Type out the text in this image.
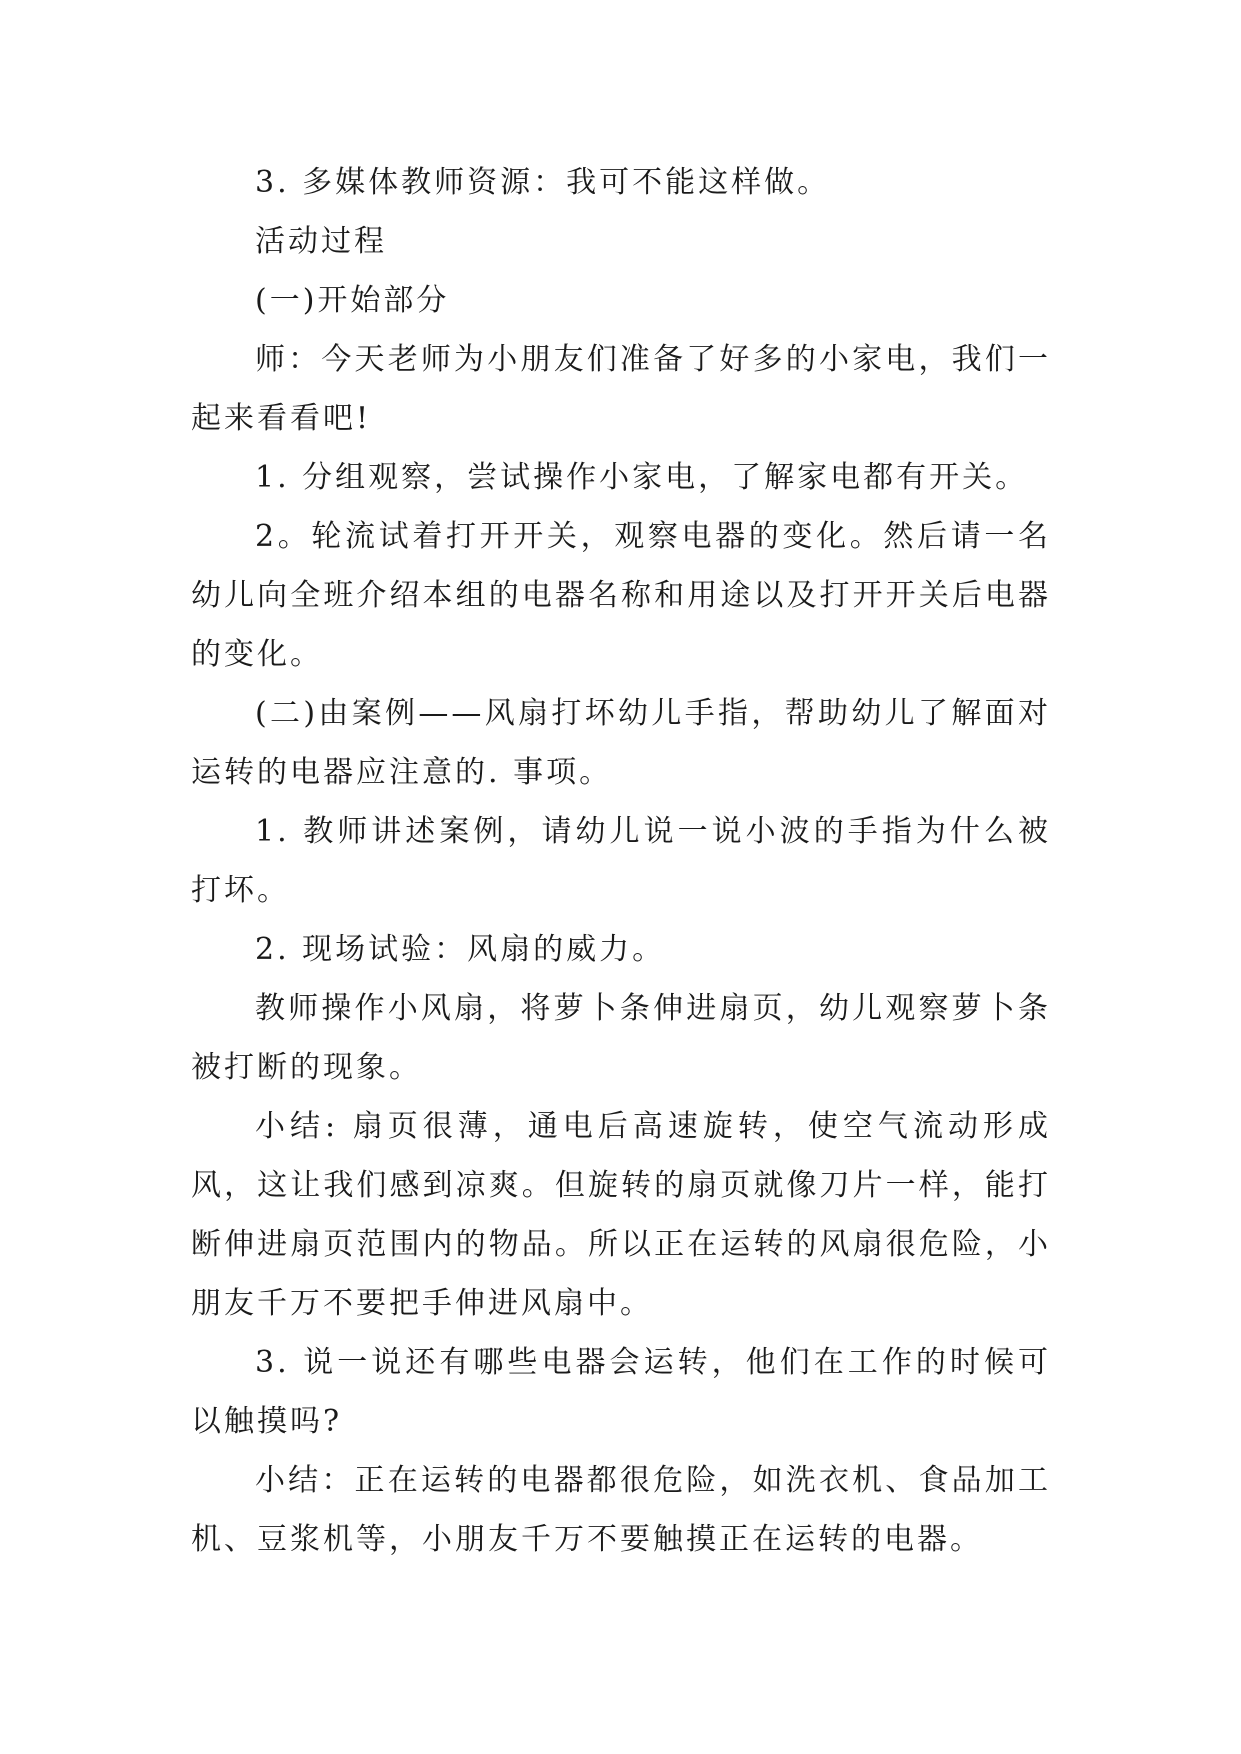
3. 多媒体教师资源：我可不能这样做。

活动过程

(一)开始部分

师：今天老师为小朋友们准备了好多的小家电，我们一起来看看吧!

1. 分组观察，尝试操作小家电，了解家电都有开关。

2。轮流试着打开开关，观察电器的变化。然后请一名幼儿向全班介绍本组的电器名称和用途以及打开开关后电器的变化。

(二)由案例——风扇打坏幼儿手指，帮助幼儿了解面对运转的电器应注意的. 事项。

1. 教师讲述案例，请幼儿说一说小波的手指为什么被打坏。

2. 现场试验：风扇的威力。

教师操作小风扇，将萝卜条伸进扇页，幼儿观察萝卜条被打断的现象。

小结: 扇页很薄，通电后高速旋转，使空气流动形成风，这让我们感到凉爽。但旋转的扇页就像刀片一样，能打断伸进扇页范围内的物品。所以正在运转的风扇很危险，小朋友千万不要把手伸进风扇中。

3. 说一说还有哪些电器会运转，他们在工作的时候可以触摸吗?

小结：正在运转的电器都很危险，如洗衣机、食品加工机、豆浆机等，小朋友千万不要触摸正在运转的电器。
